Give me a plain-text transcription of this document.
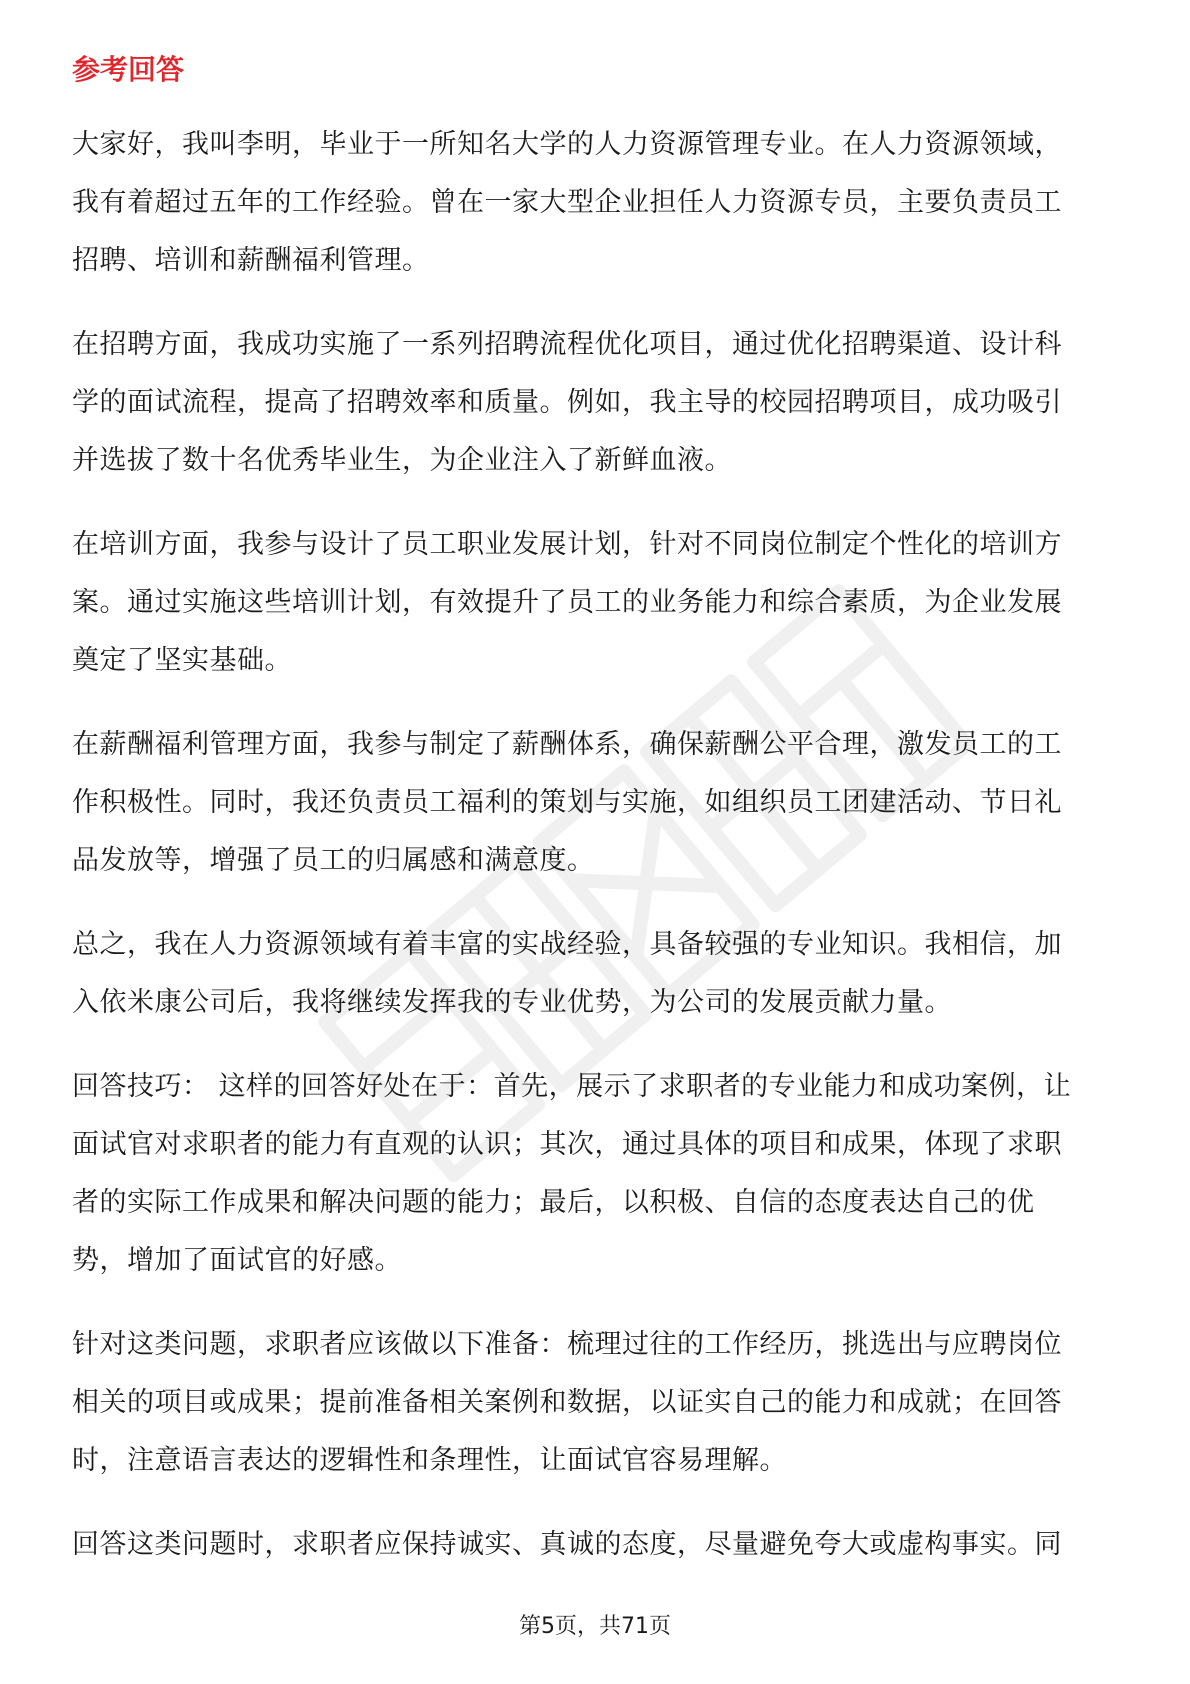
参考回答

大家好，我叫李明，毕业于一所知名大学的人力资源管理专业。在人力资源领域，
我有着超过五年的工作经验。曾在一家大型企业担任人力资源专员，主要负责员工
招聘、培训和薪酬福利管理。

在招聘方面，我成功实施了一系列招聘流程优化项目，通过优化招聘渠道、设计科
学的面试流程，提高了招聘效率和质量。例如，我主导的校园招聘项目，成功吸引
并选拔了数十名优秀毕业生，为企业注入了新鲜血液。

在培训方面，我参与设计了员工职业发展计划，针对不同岗位制定个性化的培训方
案。通过实施这些培训计划，有效提升了员工的业务能力和综合素质，为企业发展
奠定了坚实基础。

在薪酬福利管理方面，我参与制定了薪酬体系，确保薪酬公平合理，激发员工的工
作积极性。同时，我还负责员工福利的策划与实施，如组织员工团建活动、节日礼
品发放等，增强了员工的归属感和满意度。

总之，我在人力资源领域有着丰富的实战经验，具备较强的专业知识。我相信，加
入依米康公司后，我将继续发挥我的专业优势，为公司的发展贡献力量。

回答技巧： 这样的回答好处在于：首先，展示了求职者的专业能力和成功案例，让
面试官对求职者的能力有直观的认识；其次，通过具体的项目和成果，体现了求职
者的实际工作成果和解决问题的能力；最后，以积极、自信的态度表达自己的优
势，增加了面试官的好感。

针对这类问题，求职者应该做以下准备：梳理过往的工作经历，挑选出与应聘岗位
相关的项目或成果；提前准备相关案例和数据，以证实自己的能力和成就；在回答
时，注意语言表达的逻辑性和条理性，让面试官容易理解。

回答这类问题时，求职者应保持诚实、真诚的态度，尽量避免夸大或虚构事实。同

第5页，共71页
